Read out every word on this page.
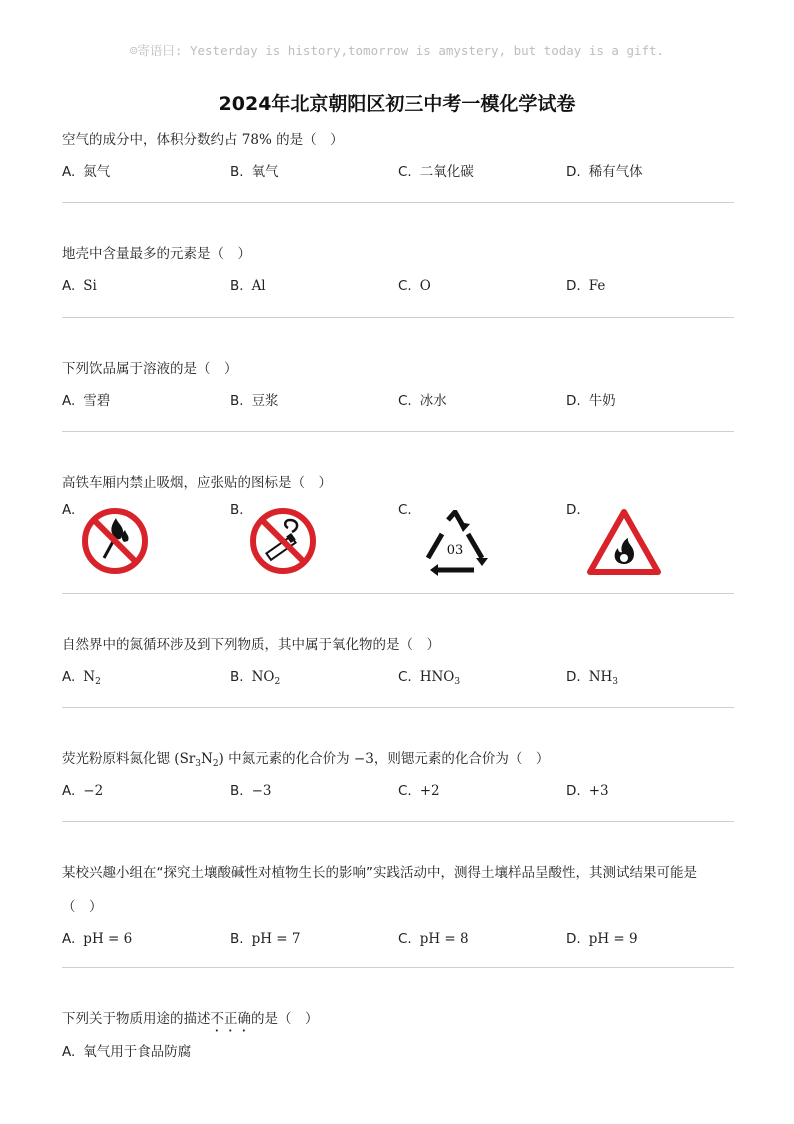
☺寄语曰: Yesterday is history,tomorrow is amystery, but today is a gift.
2024年北京朝阳区初三中考一模化学试卷
空气的成分中，体积分数约占 78% 的是（　）
A. 氮气	B. 氧气	C. 二氧化碳	D. 稀有气体
地壳中含量最多的元素是（　）
A. Si	B. Al	C. O	D. Fe
下列饮品属于溶液的是（　）
A. 雪碧	B. 豆浆	C. 冰水	D. 牛奶
高铁车厢内禁止吸烟，应张贴的图标是（　）
A.	B.	C.
03
D.
自然界中的氮循环涉及到下列物质，其中属于氧化物的是（　）
A. $N_2$	B. $NO_2$	C. $HNO_3$	D. $NH_3$
荧光粉原料氮化锶 $(Sr_3N_2)$ 中氮元素的化合价为 −3，则锶元素的化合价为（　）
A. −2	B. −3	C. +2	D. +3
某校兴趣小组在“探究土壤酸碱性对植物生长的影响”实践活动中，测得土壤样品呈酸性，其测试结果可能是
（　）
A. pH = 6	B. pH = 7	C. pH = 8	D. pH = 9
下列关于物质用途的描述不正确的是（　）
A. 氧气用于食品防腐
